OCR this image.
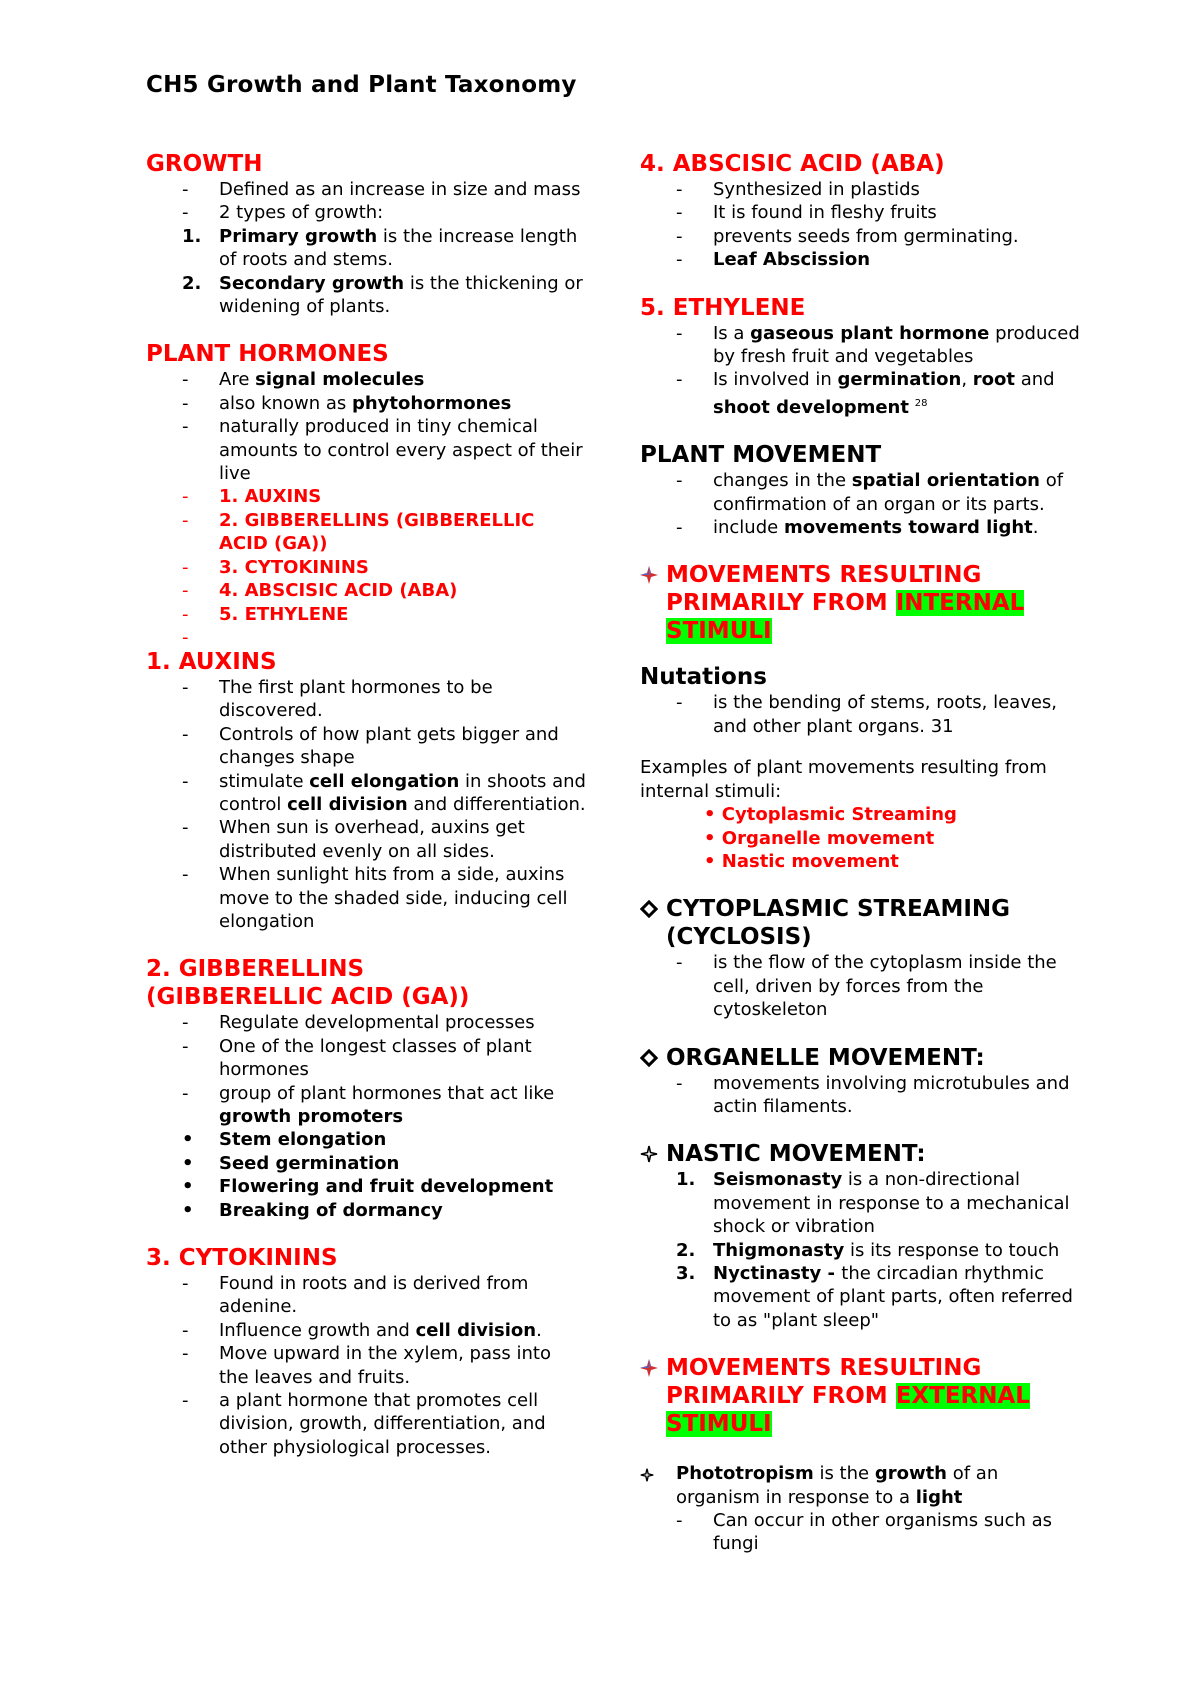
CH5 Growth and Plant Taxonomy
GROWTH
- Defined as an increase in size and mass
- 2 types of growth:
1. Primary growth is the increase length of roots and stems.
2. Secondary growth is the thickening or widening of plants.
PLANT HORMONES
- Are signal molecules
- also known as phytohormones
- naturally produced in tiny chemical amounts to control every aspect of their live
- 1. AUXINS
- 2. GIBBERELLINS (GIBBERELLIC ACID (GA))
- 3. CYTOKININS
- 4. ABSCISIC ACID (ABA)
- 5. ETHYLENE
-
1. AUXINS
- The first plant hormones to be discovered.
- Controls of how plant gets bigger and changes shape
- stimulate cell elongation in shoots and control cell division and differentiation.
- When sun is overhead, auxins get distributed evenly on all sides.
- When sunlight hits from a side, auxins move to the shaded side, inducing cell elongation
2. GIBBERELLINS
(GIBBERELLIC ACID (GA))
- Regulate developmental processes
- One of the longest classes of plant hormones
- group of plant hormones that act like growth promoters
• Stem elongation
• Seed germination
• Flowering and fruit development
• Breaking of dormancy
3. CYTOKININS
- Found in roots and is derived from adenine.
- Influence growth and cell division.
- Move upward in the xylem, pass into the leaves and fruits.
- a plant hormone that promotes cell division, growth, differentiation, and other physiological processes.
4. ABSCISIC ACID (ABA)
- Synthesized in plastids
- It is found in fleshy fruits
- prevents seeds from germinating.
- Leaf Abscission
5. ETHYLENE
- Is a gaseous plant hormone produced by fresh fruit and vegetables
- Is involved in germination, root and shoot development $^{28}$
PLANT MOVEMENT
- changes in the spatial orientation of confirmation of an organ or its parts.
- include movements toward light.
MOVEMENTS RESULTING PRIMARILY FROM INTERNAL STIMULI
Nutations
- is the bending of stems, roots, leaves, and other plant organs. 31
Examples of plant movements resulting from internal stimuli:
• Cytoplasmic Streaming
• Organelle movement
• Nastic movement
CYTOPLASMIC STREAMING (CYCLOSIS)
- is the flow of the cytoplasm inside the cell, driven by forces from the cytoskeleton
ORGANELLE MOVEMENT:
- movements involving microtubules and actin filaments.
NASTIC MOVEMENT:
1. Seismonasty is a non-directional movement in response to a mechanical shock or vibration
2. Thigmonasty is its response to touch
3. Nyctinasty - the circadian rhythmic movement of plant parts, often referred to as "plant sleep"
MOVEMENTS RESULTING PRIMARILY FROM EXTERNAL STIMULI
Phototropism is the growth of an organism in response to a light
- Can occur in other organisms such as fungi
